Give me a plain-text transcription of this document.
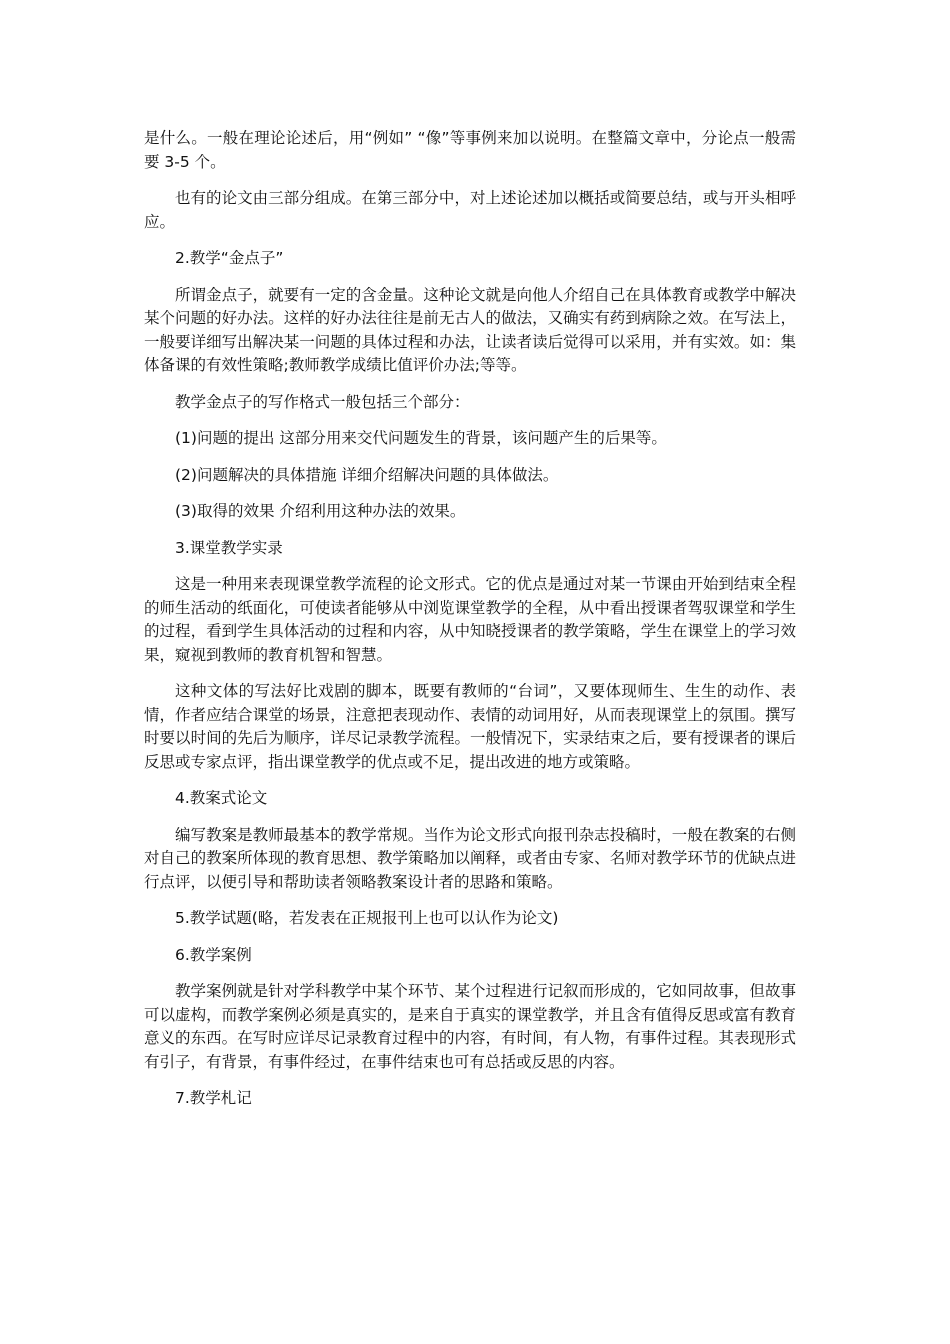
是什么。一般在理论论述后，用“例如” “像”等事例来加以说明。在整篇文章中，分论点一般需要 3-5 个。

也有的论文由三部分组成。在第三部分中，对上述论述加以概括或简要总结，或与开头相呼应。

2.教学“金点子”

所谓金点子，就要有一定的含金量。这种论文就是向他人介绍自己在具体教育或教学中解决某个问题的好办法。这样的好办法往往是前无古人的做法，又确实有药到病除之效。在写法上，一般要详细写出解决某一问题的具体过程和办法，让读者读后觉得可以采用，并有实效。如：集体备课的有效性策略;教师教学成绩比值评价办法;等等。

教学金点子的写作格式一般包括三个部分：

(1)问题的提出 这部分用来交代问题发生的背景，该问题产生的后果等。

(2)问题解决的具体措施 详细介绍解决问题的具体做法。

(3)取得的效果 介绍利用这种办法的效果。

3.课堂教学实录

这是一种用来表现课堂教学流程的论文形式。它的优点是通过对某一节课由开始到结束全程的师生活动的纸面化，可使读者能够从中浏览课堂教学的全程，从中看出授课者驾驭课堂和学生的过程，看到学生具体活动的过程和内容，从中知晓授课者的教学策略，学生在课堂上的学习效果，窥视到教师的教育机智和智慧。

这种文体的写法好比戏剧的脚本，既要有教师的“台词”，又要体现师生、生生的动作、表情，作者应结合课堂的场景，注意把表现动作、表情的动词用好，从而表现课堂上的氛围。撰写时要以时间的先后为顺序，详尽记录教学流程。一般情况下，实录结束之后，要有授课者的课后反思或专家点评，指出课堂教学的优点或不足，提出改进的地方或策略。

4.教案式论文

编写教案是教师最基本的教学常规。当作为论文形式向报刊杂志投稿时，一般在教案的右侧对自己的教案所体现的教育思想、教学策略加以阐释，或者由专家、名师对教学环节的优缺点进行点评，以便引导和帮助读者领略教案设计者的思路和策略。

5.教学试题(略，若发表在正规报刊上也可以认作为论文)

6.教学案例

教学案例就是针对学科教学中某个环节、某个过程进行记叙而形成的，它如同故事，但故事可以虚构，而教学案例必须是真实的，是来自于真实的课堂教学，并且含有值得反思或富有教育意义的东西。在写时应详尽记录教育过程中的内容，有时间，有人物，有事件过程。其表现形式有引子，有背景，有事件经过，在事件结束也可有总括或反思的内容。

7.教学札记
